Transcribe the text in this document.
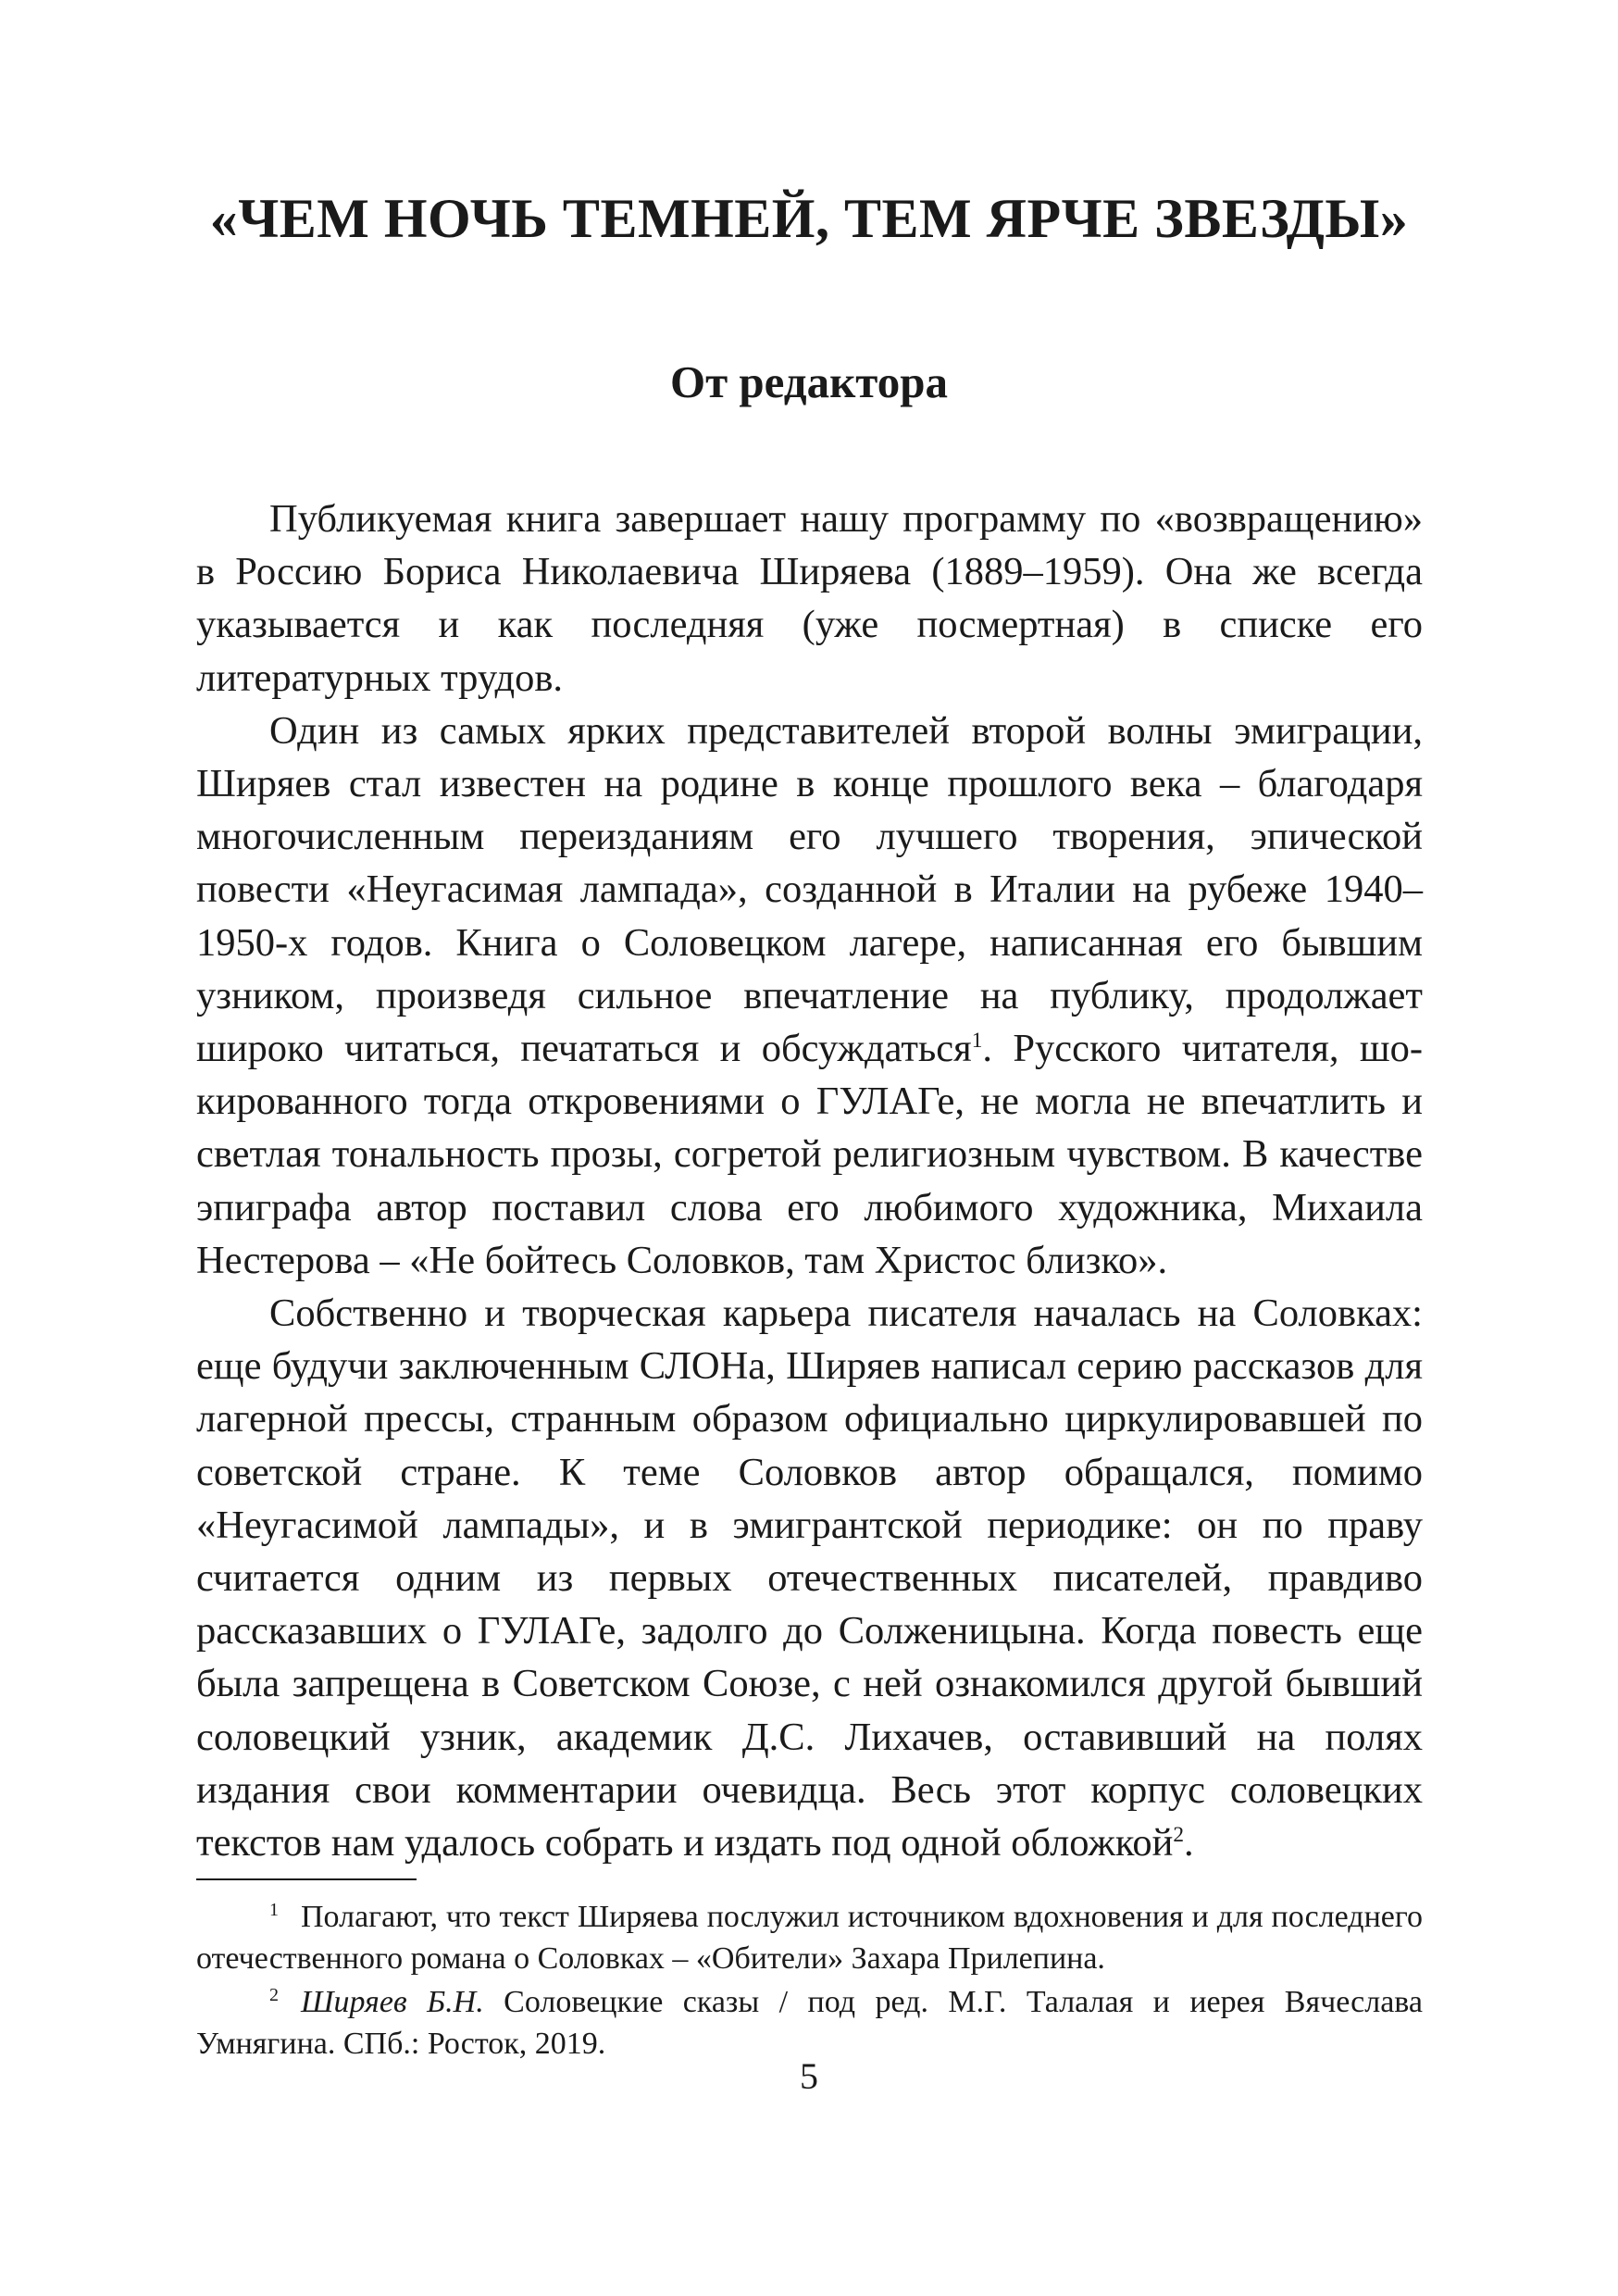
«ЧЕМ НОЧЬ ТЕМНЕЙ, ТЕМ ЯРЧЕ ЗВЕЗДЫ»
От редактора

Публикуемая книга завершает нашу программу по «возвращению» в Россию Бориса Николаевича Ширяева (1889–1959). Она же всегда указывается и как последняя (уже посмертная) в списке его литературных трудов.

Один из самых ярких представителей второй волны эмиграции, Ширяев стал известен на родине в конце прошлого века – благодаря многочисленным переизданиям его лучшего творения, эпической повести «Неугасимая лампада», созданной в Италии на рубеже 1940–1950-х годов. Книга о Соловецком лагере, написанная его бывшим узником, произведя сильное впечатление на публику, продолжает широко читаться, печататься и обсуждаться$^1$. Русского читателя, шокированного тогда откровениями о ГУЛАГе, не могла не впечатлить и светлая тональность прозы, согретой религиозным чувством. В качестве эпиграфа автор поставил слова его любимого художника, Михаила Нестерова – «Не бойтесь Соловков, там Христос близко».

Собственно и творческая карьера писателя началась на Соловках: еще будучи заключенным СЛОНа, Ширяев написал серию рассказов для лагерной прессы, странным образом официально циркулировавшей по советской стране. К теме Соловков автор обращался, помимо «Неугасимой лампады», и в эмигрантской периодике: он по праву считается одним из первых отечественных писателей, правдиво рассказавших о ГУЛАГе, задолго до Солженицына. Когда повесть еще была запрещена в Советском Союзе, с ней ознакомился другой бывший соловецкий узник, академик Д.С. Лихачев, оставивший на полях издания свои комментарии очевидца. Весь этот корпус соловецких текстов нам удалось собрать и издать под одной обложкой$^2$.

1 Полагают, что текст Ширяева послужил источником вдохновения и для последнего отечественного романа о Соловках – «Обители» Захара Прилепина.

2 Ширяев Б.Н. Соловецкие сказы / под ред. М.Г. Талалая и иерея Вячеслава Умнягина. СПб.: Росток, 2019.

5
